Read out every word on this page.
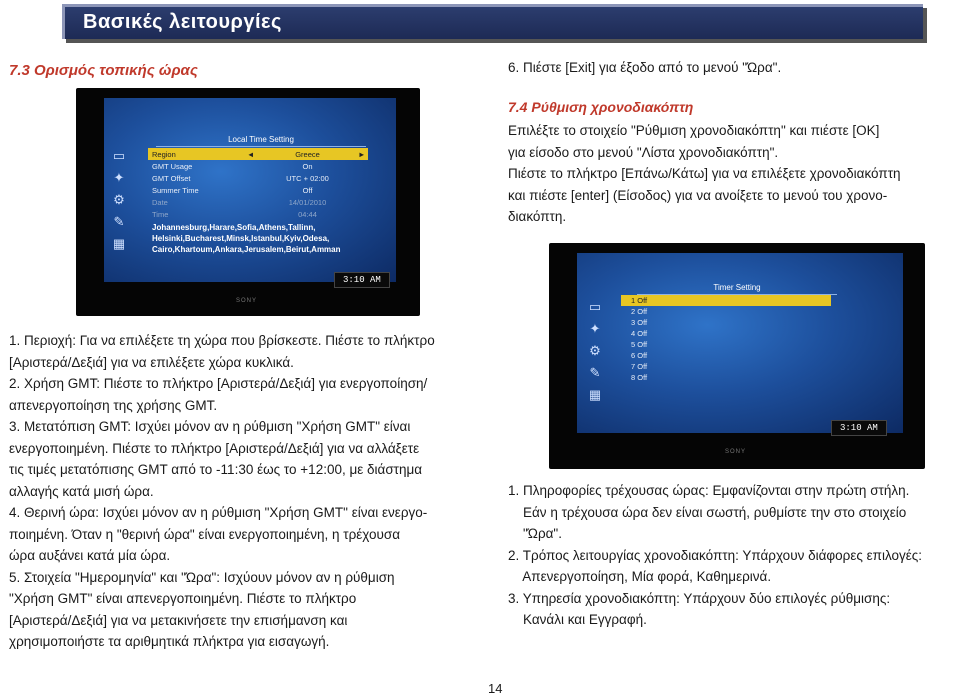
Βασικές λειτουργίες
7.3 Ορισμός τοπικής ώρας
Local Time Setting
▭
✦
⚙
✎
▦
Region	◄	Greece	►
GMT Usage	On
GMT Offset	UTC + 02:00
Summer Time	Off
Date	14/01/2010
Time	04:44
Johannesburg,Harare,Sofia,Athens,Tallinn,
Helsinki,Bucharest,Minsk,Istanbul,Kyiv,Odesa,
Cairo,Khartoum,Ankara,Jerusalem,Beirut,Amman
3:10 AM
SONY

1. Περιοχή: Για να επιλέξετε τη χώρα που βρίσκεστε. Πιέστε το πλήκτρο

[Αριστερά/Δεξιά] για να επιλέξετε χώρα κυκλικά.

2. Χρήση GMT: Πιέστε το πλήκτρο [Αριστερά/Δεξιά] για ενεργοποίηση/

απενεργοποίηση της χρήσης GMT.

3. Μετατόπιση GMT: Ισχύει μόνον αν η ρύθμιση "Χρήση GMT" είναι

ενεργοποιημένη. Πιέστε το πλήκτρο [Αριστερά/Δεξιά] για να αλλάξετε

τις τιμές μετατόπισης GMT από το -11:30 έως το +12:00, με διάστημα

αλλαγής κατά μισή ώρα.

4. Θερινή ώρα: Ισχύει μόνον αν η ρύθμιση "Χρήση GMT" είναι ενεργο-

ποιημένη. Όταν η "θερινή ώρα" είναι ενεργοποιημένη, η τρέχουσα

ώρα αυξάνει κατά μία ώρα.

5. Στοιχεία "Ημερομηνία" και "Ώρα": Ισχύουν μόνον αν η ρύθμιση

"Χρήση GMT" είναι απενεργοποιημένη. Πιέστε το πλήκτρο

[Αριστερά/Δεξιά] για να μετακινήσετε την επισήμανση και

χρησιμοποιήστε τα αριθμητικά πλήκτρα για εισαγωγή.

6. Πιέστε [Exit] για έξοδο από το μενού "Ώρα".

7.4 Ρύθμιση χρονοδιακόπτη

Επιλέξτε το στοιχείο "Ρύθμιση χρονοδιακόπτη" και πιέστε [OK]

για είσοδο στο μενού "Λίστα χρονοδιακόπτη".

Πιέστε το πλήκτρο [Επάνω/Κάτω] για να επιλέξετε χρονοδιακόπτη

και πιέστε [enter] (Είσοδος) για να ανοίξετε το μενού του χρονο-

διακόπτη.

Timer Setting
▭
✦
⚙
✎
▦
1 Off
2 Off
3 Off
4 Off
5 Off
6 Off
7 Off
8 Off
3:10 AM
SONY

1. Πληροφορίες τρέχουσας ώρας: Εμφανίζονται στην πρώτη στήλη.

Εάν η τρέχουσα ώρα δεν είναι σωστή, ρυθμίστε την στο στοιχείο

"Ώρα".

2. Τρόπος λειτουργίας χρονοδιακόπτη: Υπάρχουν διάφορες επιλογές:

Απενεργοποίηση, Μία φορά, Καθημερινά.

3. Υπηρεσία χρονοδιακόπτη: Υπάρχουν δύο επιλογές ρύθμισης:

Κανάλι και Εγγραφή.

14
